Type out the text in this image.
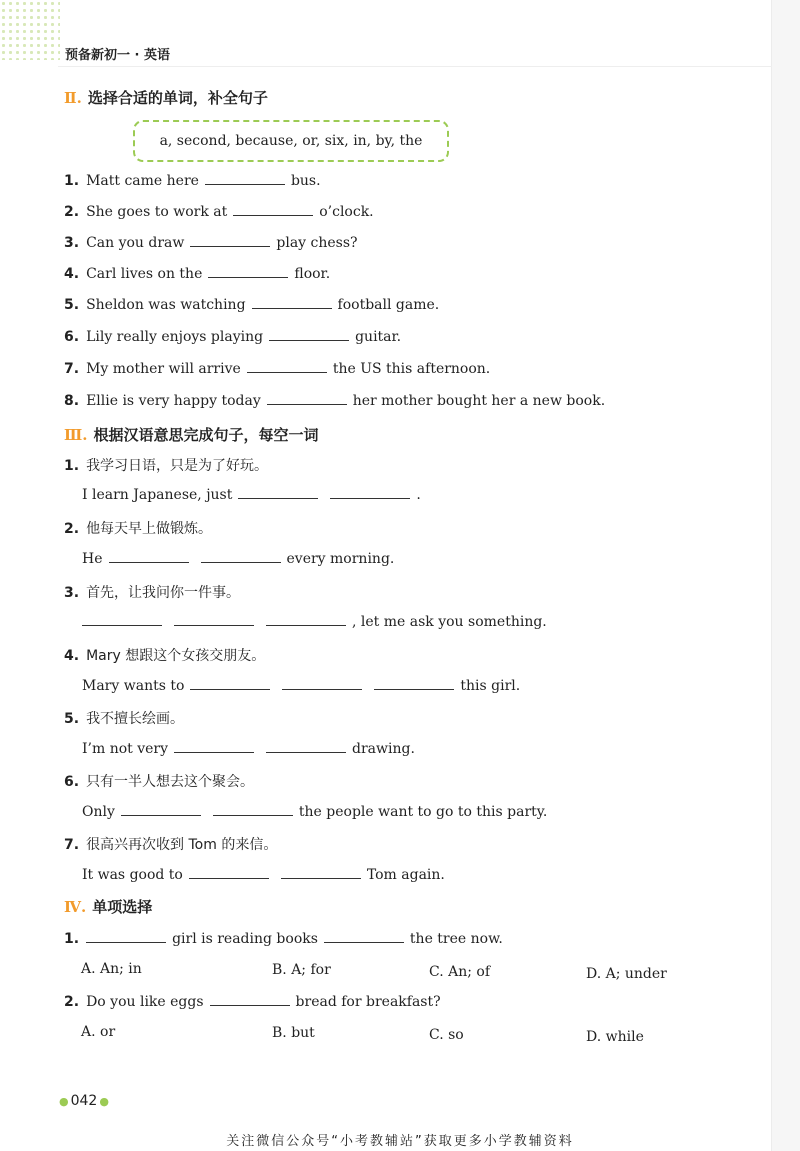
预备新初一 · 英语
Ⅱ. 选择合适的单词，补全句子
a, second, because, or, six, in, by, the
1. Matt came here	bus.
2. She goes to work at	o’clock.
3. Can you draw	play chess?
4. Carl lives on the	floor.
5. Sheldon was watching	football game.
6. Lily really enjoys playing	guitar.
7. My mother will arrive	the US this afternoon.
8. Ellie is very happy today	her mother bought her a new book.
Ⅲ. 根据汉语意思完成句子，每空一词
1. 我学习日语，只是为了好玩。
I learn Japanese, just	.
2. 他每天早上做锻炼。
He	every morning.
3. 首先，让我问你一件事。
, let me ask you something.
4. Mary 想跟这个女孩交朋友。
Mary wants to	this girl.
5. 我不擅长绘画。
I’m not very	drawing.
6. 只有一半人想去这个聚会。
Only	the people want to go to this party.
7. 很高兴再次收到 Tom 的来信。
It was good to	Tom again.
Ⅳ. 单项选择
1.	girl is reading books	the tree now.
A. An; in	B. A; for	C. An; of	D. A; under
2. Do you like eggs	bread for breakfast?
A. or	B. but	C. so	D. while
● 042 ●
关注微信公众号“小考教辅站”获取更多小学教辅资料
